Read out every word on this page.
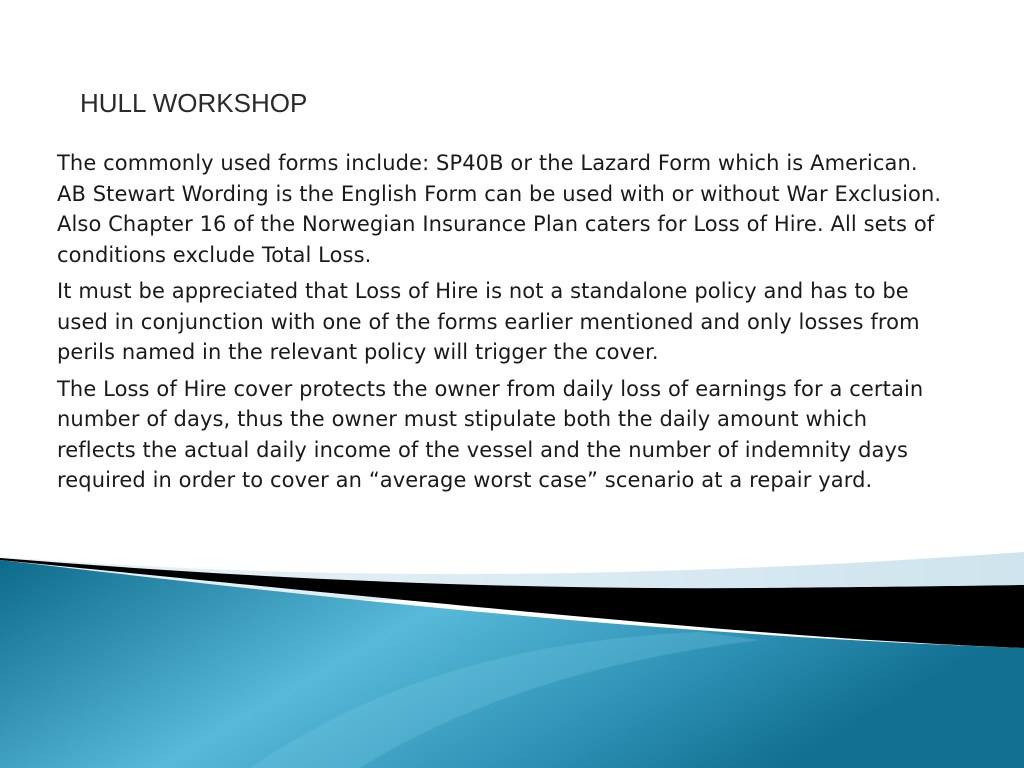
HULL WORKSHOP

The commonly used forms include: SP40B or the Lazard Form which is American. AB Stewart Wording is the English Form can be used with or without War Exclusion. Also Chapter 16 of the Norwegian Insurance Plan caters for Loss of Hire. All sets of conditions exclude Total Loss.

It must be appreciated that Loss of Hire is not a standalone policy and has to be used in conjunction with one of the forms earlier mentioned and only losses from perils named in the relevant policy will trigger the cover.

The Loss of Hire cover protects the owner from daily loss of earnings for a certain number of days, thus the owner must stipulate both the daily amount which reflects the actual daily income of the vessel and the number of indemnity days required in order to cover an “average worst case” scenario at a repair yard.
